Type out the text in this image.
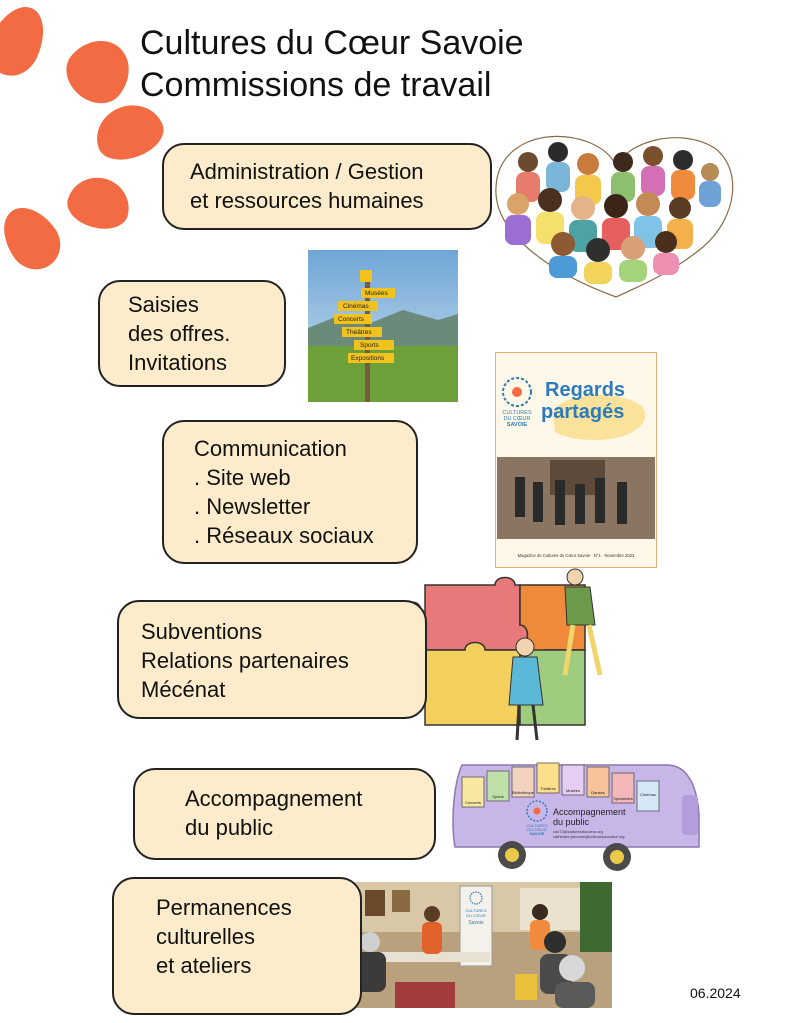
Cultures du Cœur Savoie
Commissions de travail
Administration / Gestion
et ressources humaines
Musées
Cinémas
Concerts
Théâtres
Sports
Expositions
Saisies
des offres.
Invitations
CULTURES
DU CŒUR
SAVOIE
Regards
partagés
Magazine de Cultures du Cœur Savoie · N°1 · Novembre 2023
Communication
. Site web
. Newsletter
. Réseaux sociaux
Subventions
Relations partenaires
Mécénat
Concerts
Sports
Bibliothèque
Théâtres	Musées	Danses
Spectacles
Cinémas
CULTURES
DU CŒUR
SAVOIE
Accompagnement
du public
cdc73@culturesducoeur.org
catherine.peronne@culturesducoeur.org
Accompagnement
du public
CULTURES
DU CŒUR
Savoie
Permanences
culturelles
et ateliers
06.2024
